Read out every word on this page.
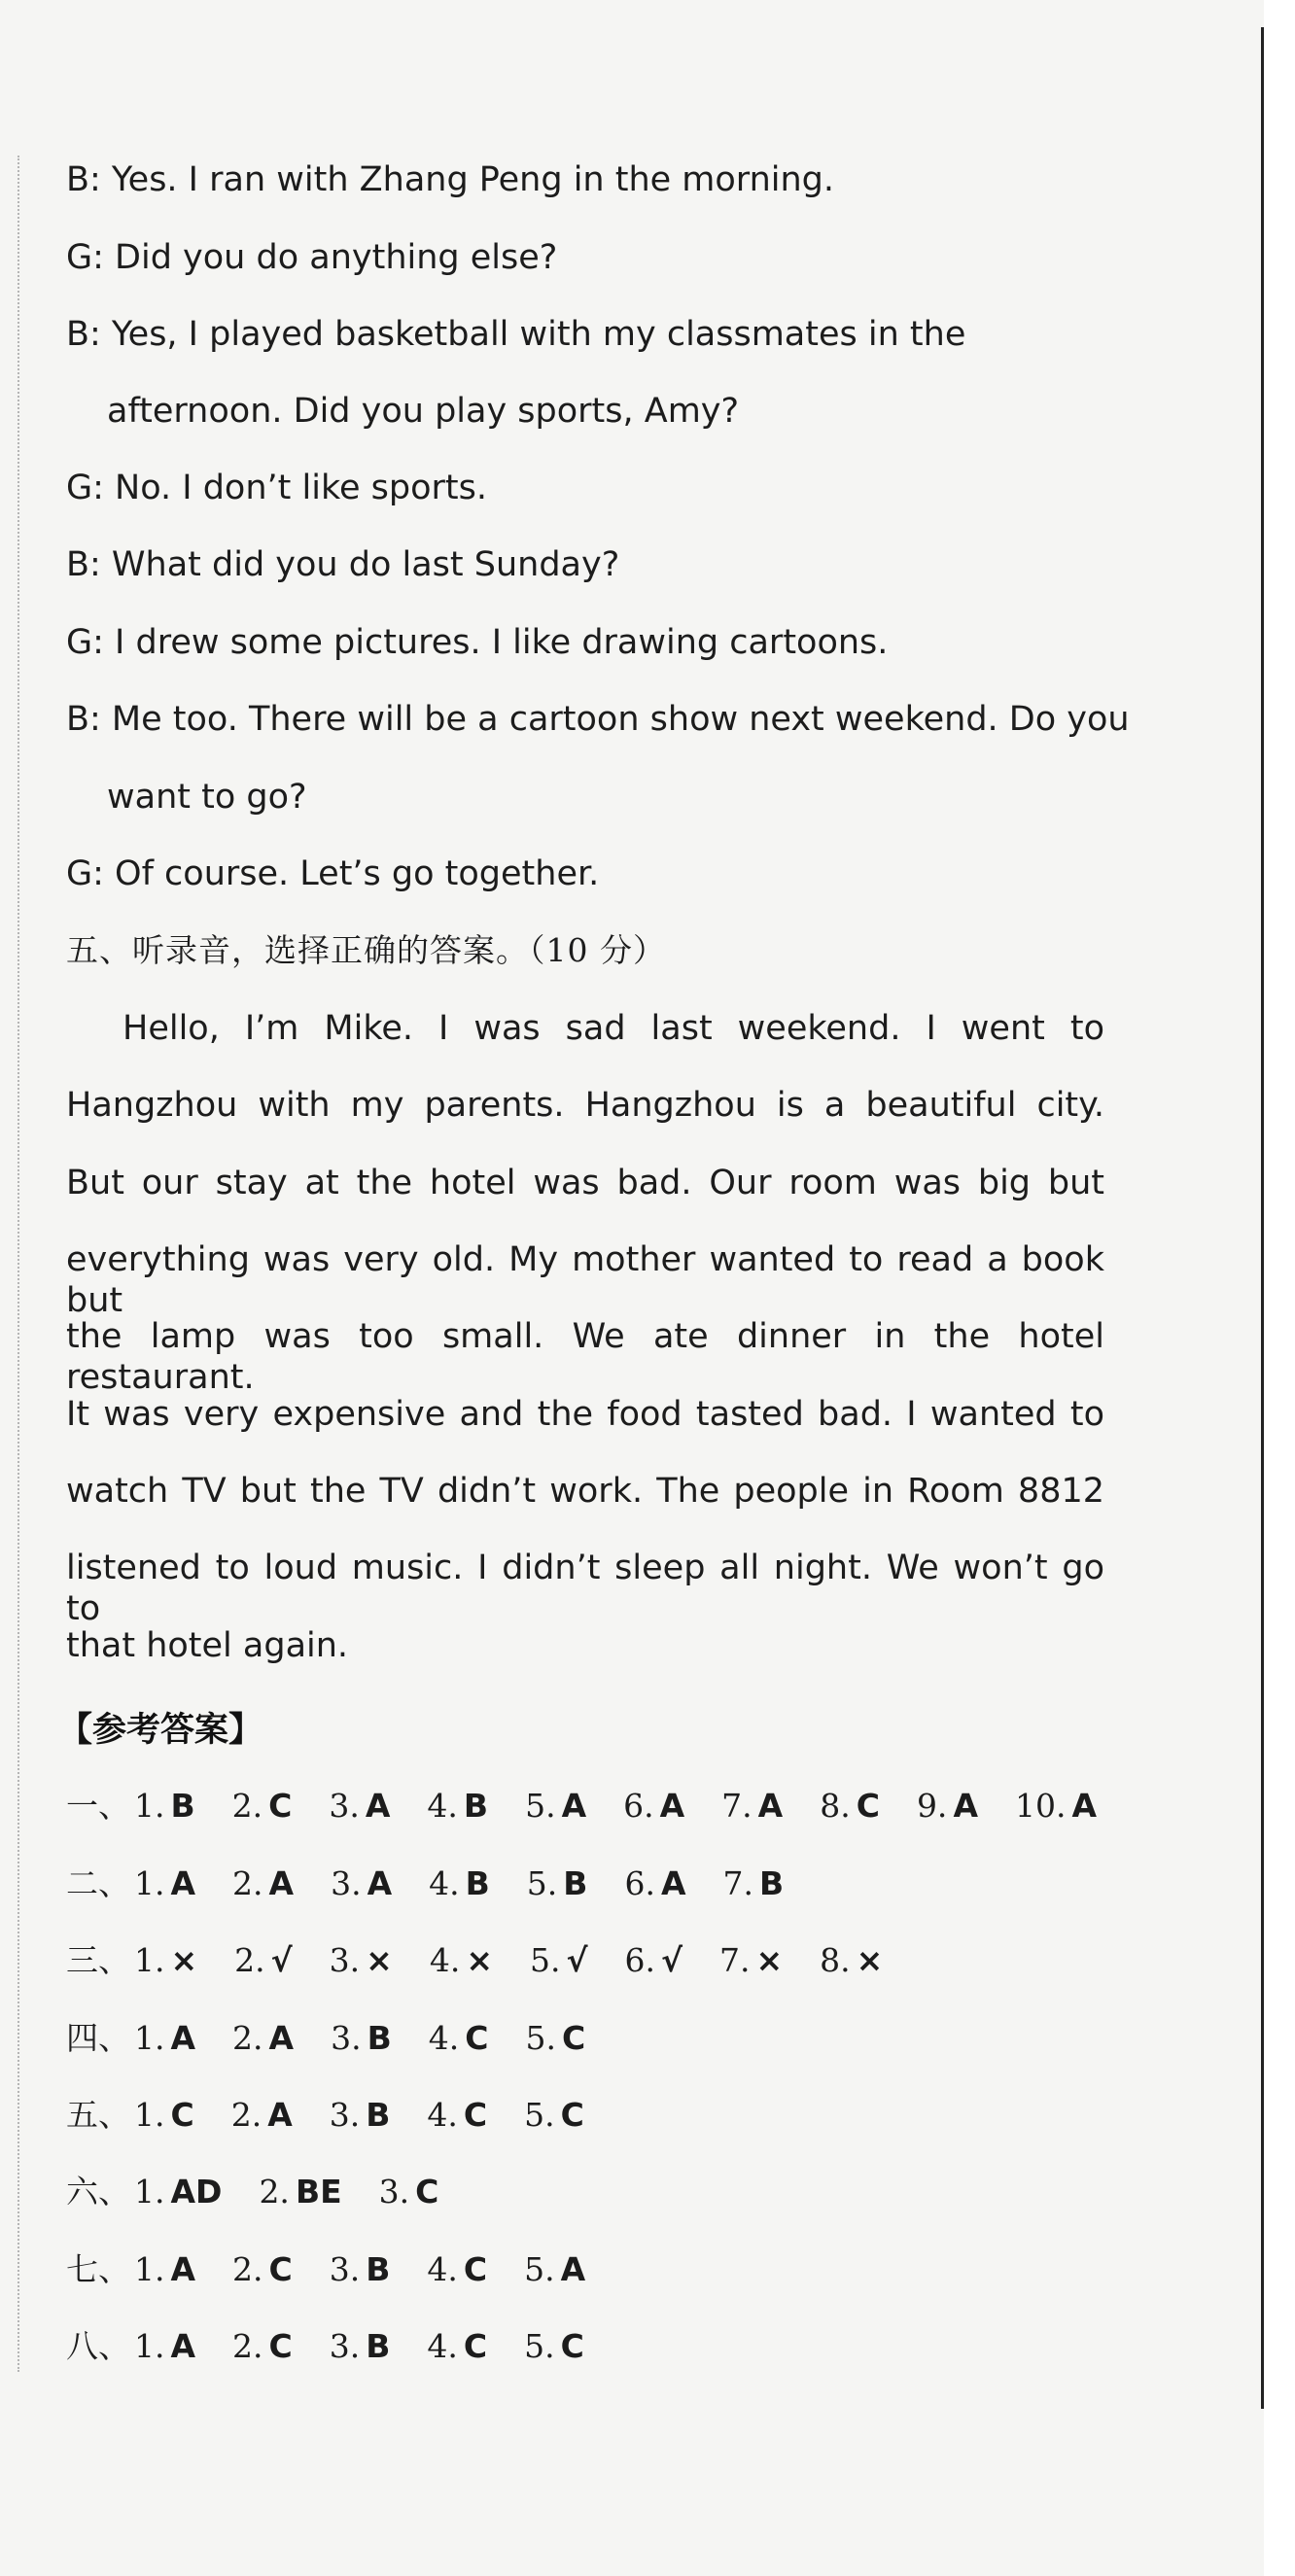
B: Yes. I ran with Zhang Peng in the morning.
G: Did you do anything else?
B: Yes, I played basketball with my classmates in the
afternoon. Did you play sports, Amy?
G: No. I don’t like sports.
B: What did you do last Sunday?
G: I drew some pictures. I like drawing cartoons.
B: Me too. There will be a cartoon show next weekend. Do you
want to go?
G: Of course. Let’s go together.
五、听录音，选择正确的答案。（10 分）
Hello, I’m Mike. I was sad last weekend. I went to
Hangzhou with my parents. Hangzhou is a beautiful city.
But our stay at the hotel was bad. Our room was big but
everything was very old. My mother wanted to read a book but
the lamp was too small. We ate dinner in the hotel restaurant.
It was very expensive and the food tasted bad. I wanted to
watch TV but the TV didn’t work. The people in Room 8812
listened to loud music. I didn’t sleep all night. We won’t go to
that hotel again.
【参考答案】
一、 1. B 2. C 3. A 4. B 5. A 6. A 7. A 8. C 9. A 10. A
二、 1. A 2. A 3. A 4. B 5. B 6. A 7. B
三、 1. × 2. √ 3. × 4. × 5. √ 6. √ 7. × 8. ×
四、 1. A 2. A 3. B 4. C 5. C
五、 1. C 2. A 3. B 4. C 5. C
六、 1. AD 2. BE 3. C
七、 1. A 2. C 3. B 4. C 5. A
八、 1. A 2. C 3. B 4. C 5. C
